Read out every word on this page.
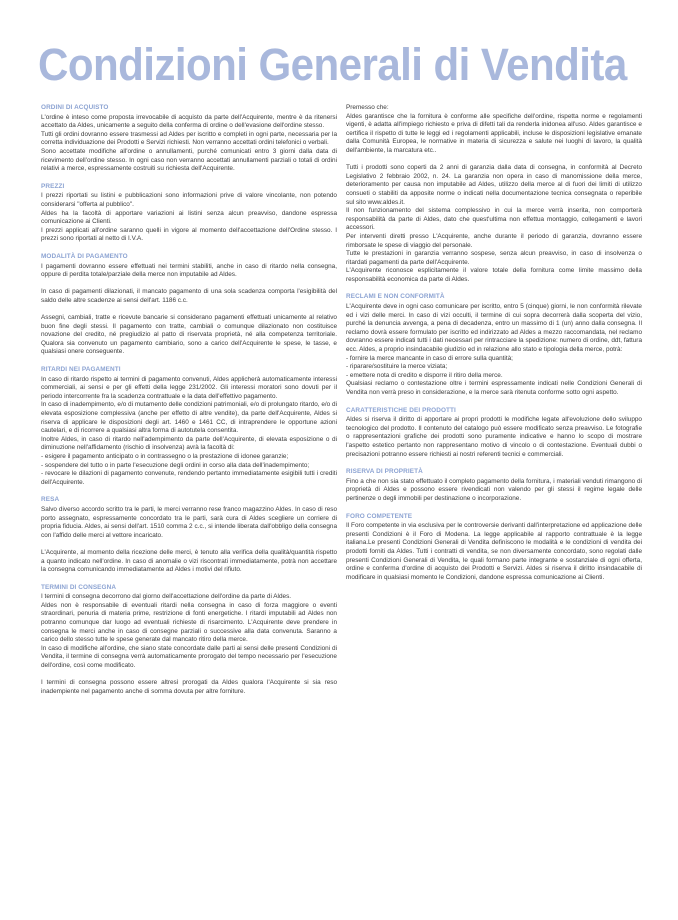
Condizioni Generali di Vendita
ORDINI DI ACQUISTO

L'ordine è inteso come proposta irrevocabile di acquisto da parte dell'Acquirente, mentre è da ritenersi accettato da Aldes, unicamente a seguito della conferma di ordine o dell'evasione dell'ordine stesso.

Tutti gli ordini dovranno essere trasmessi ad Aldes per iscritto e completi in ogni parte, necessaria per la corretta individuazione dei Prodotti e Servizi richiesti. Non verranno accettati ordini telefonici o verbali.

Sono accettate modifiche all'ordine o annullamenti, purché comunicati entro 3 giorni dalla data di ricevimento dell'ordine stesso. In ogni caso non verranno accettati annullamenti parziali o totali di ordini relativi a merce, espressamente costruiti su richiesta dell'Acquirente.

PREZZI

I prezzi riportati su listini e pubblicazioni sono informazioni prive di valore vincolante, non potendo considerarsi "offerta al pubblico".

Aldes ha la facoltà di apportare variazioni ai listini senza alcun preavviso, dandone espressa comunicazione ai Clienti.

I prezzi applicati all'ordine saranno quelli in vigore al momento dell'accettazione dell'Ordine stesso. I prezzi sono riportati al netto di I.V.A.

MODALITÀ DI PAGAMENTO

I pagamenti dovranno essere effettuati nei termini stabiliti, anche in caso di ritardo nella consegna, oppure di perdita totale/parziale della merce non imputabile ad Aldes.

In caso di pagamenti dilazionati, il mancato pagamento di una sola scadenza comporta l'esigibilità del saldo delle altre scadenze ai sensi dell'art. 1186 c.c.

Assegni, cambiali, tratte e ricevute bancarie si considerano pagamenti effettuati unicamente al relativo buon fine degli stessi. Il pagamento con tratte, cambiali o comunque dilazionato non costituisce novazione del credito, né pregiudizio al patto di riservata proprietà, né alla competenza territoriale. Qualora sia convenuto un pagamento cambiario, sono a carico dell'Acquirente le spese, le tasse, e qualsiasi onere conseguente.

RITARDI NEI PAGAMENTI

In caso di ritardo rispetto ai termini di pagamento convenuti, Aldes applicherà automaticamente interessi commerciali, ai sensi e per gli effetti della legge 231/2002. Gli interessi moratori sono dovuti per il periodo intercorrente fra la scadenza contrattuale e la data dell'effettivo pagamento.

In caso di inadempimento, e/o di mutamento delle condizioni patrimoniali, e/o di prolungato ritardo, e/o di elevata esposizione complessiva (anche per effetto di altre vendite), da parte dell'Acquirente, Aldes si riserva di applicare le disposizioni degli art. 1460 e 1461 CC, di intraprendere le opportune azioni cautelari, e di ricorrere a qualsiasi altra forma di autotutela consentita.

Inoltre Aldes, in caso di ritardo nell'adempimento da parte dell'Acquirente, di elevata esposizione o di diminuzione nell'affidamento (rischio di insolvenza) avrà la facoltà di:

- esigere il pagamento anticipato o in contrassegno o la prestazione di idonee garanzie;

- sospendere del tutto o in parte l'esecuzione degli ordini in corso alla data dell'inadempimento;

- revocare le dilazioni di pagamento convenute, rendendo pertanto immediatamente esigibili tutti i crediti dell'Acquirente.

RESA

Salvo diverso accordo scritto tra le parti, le merci verranno rese franco magazzino Aldes. In caso di reso porto assegnato, espressamente concordato tra le parti, sarà cura di Aldes scegliere un corriere di propria fiducia. Aldes, ai sensi dell'art. 1510 comma 2 c.c., si intende liberata dall'obbligo della consegna con l'affido delle merci al vettore incaricato.

L'Acquirente, al momento della ricezione delle merci, è tenuto alla verifica della qualità/quantità rispetto a quanto indicato nell'ordine. In caso di anomalie o vizi riscontrati immediatamente, potrà non accettare la consegna comunicando immediatamente ad Aldes i motivi del rifiuto.

TERMINI DI CONSEGNA

I termini di consegna decorrono dal giorno dell'accettazione dell'ordine da parte di Aldes.

Aldes non è responsabile di eventuali ritardi nella consegna in caso di forza maggiore o eventi straordinari, penuria di materia prime, restrizione di fonti energetiche. I ritardi imputabili ad Aldes non potranno comunque dar luogo ad eventuali richieste di risarcimento. L'Acquirente deve prendere in consegna le merci anche in caso di consegne parziali o successive alla data convenuta. Saranno a carico dello stesso tutte le spese generate dal mancato ritiro della merce.

In caso di modifiche all'ordine, che siano state concordate dalle parti ai sensi delle presenti Condizioni di Vendita, il termine di consegna verrà automaticamente prorogato del tempo necessario per l'esecuzione dell'ordine, così come modificato.

I termini di consegna possono essere altresì prorogati da Aldes qualora l'Acquirente si sia reso inadempiente nel pagamento anche di somma dovuta per altre forniture.

Premesso che:

Aldes garantisce che la fornitura è conforme alle specifiche dell'ordine, rispetta norme e regolamenti vigenti, è adatta all'impiego richiesto e priva di difetti tali da renderla inidonea all'uso. Aldes garantisce e certifica il rispetto di tutte le leggi ed i regolamenti applicabili, incluse le disposizioni legislative emanate dalla Comunità Europea, le normative in materia di sicurezza e salute nei luoghi di lavoro, la qualità dell'ambiente, la marcatura etc..

Tutti i prodotti sono coperti da 2 anni di garanzia dalla data di consegna, in conformità al Decreto Legislativo 2 febbraio 2002, n. 24. La garanzia non opera in caso di manomissione della merce, deterioramento per causa non imputabile ad Aldes, utilizzo della merce al di fuori dei limiti di utilizzo consueti o stabiliti da apposite norme o indicati nella documentazione tecnica consegnata o reperibile sul sito www.aldes.it.

Il non funzionamento del sistema complessivo in cui la merce verrà inserita, non comporterà responsabilità da parte di Aldes, dato che quest'ultima non effettua montaggio, collegamenti e lavori accessori.

Per interventi diretti presso L'Acquirente, anche durante il periodo di garanzia, dovranno essere rimborsate le spese di viaggio del personale.

Tutte le prestazioni in garanzia verranno sospese, senza alcun preavviso, in caso di insolvenza o ritardati pagamenti da parte dell'Acquirente.

L'Acquirente riconosce esplicitamente il valore totale della fornitura come limite massimo della responsabilità economica da parte di Aldes.

RECLAMI E NON CONFORMITÀ

L'Acquirente deve in ogni caso comunicare per iscritto, entro 5 (cinque) giorni, le non conformità rilevate ed i vizi delle merci. In caso di vizi occulti, il termine di cui sopra decorrerà dalla scoperta del vizio, purché la denuncia avvenga, a pena di decadenza, entro un massimo di 1 (un) anno dalla consegna. Il reclamo dovrà essere formulato per iscritto ed indirizzato ad Aldes a mezzo raccomandata, nel reclamo dovranno essere indicati tutti i dati necessari per rintracciare la spedizione: numero di ordine, ddt, fattura ecc. Aldes, a proprio insindacabile giudizio ed in relazione allo stato e tipologia della merce, potrà:

- fornire la merce mancante in caso di errore sulla quantità;

- riparare/sostituire la merce viziata;

- emettere nota di credito e disporre il ritiro della merce.

Qualsiasi reclamo o contestazione oltre i termini espressamente indicati nelle Condizioni Generali di Vendita non verrà preso in considerazione, e la merce sarà ritenuta conforme sotto ogni aspetto.

CARATTERISTICHE DEI PRODOTTI

Aldes si riserva il diritto di apportare ai propri prodotti le modifiche legate all'evoluzione dello sviluppo tecnologico del prodotto. Il contenuto del catalogo può essere modificato senza preavviso. Le fotografie o rappresentazioni grafiche dei prodotti sono puramente indicative e hanno lo scopo di mostrare l'aspetto estetico pertanto non rappresentano motivo di vincolo o di contestazione. Eventuali dubbi o precisazioni potranno essere richiesti ai nostri referenti tecnici e commerciali.

RISERVA DI PROPRIETÀ

Fino a che non sia stato effettuato il completo pagamento della fornitura, i materiali venduti rimangono di proprietà di Aldes e possono essere rivendicati non valendo per gli stessi il regime legale delle pertinenze o degli immobili per destinazione o incorporazione.

FORO COMPETENTE

Il Foro competente in via esclusiva per le controversie derivanti dall'interpretazione ed applicazione delle presenti Condizioni è il Foro di Modena. La legge applicabile al rapporto contrattuale è la legge italiana.Le presenti Condizioni Generali di Vendita definiscono le modalità e le condizioni di vendita dei prodotti forniti da Aldes. Tutti i contratti di vendita, se non diversamente concordato, sono regolati dalle presenti Condizioni Generali di Vendita, le quali formano parte integrante e sostanziale di ogni offerta, ordine e conferma d'ordine di acquisto dei Prodotti e Servizi. Aldes si riserva il diritto insindacabile di modificare in qualsiasi momento le Condizioni, dandone espressa comunicazione ai Clienti.
